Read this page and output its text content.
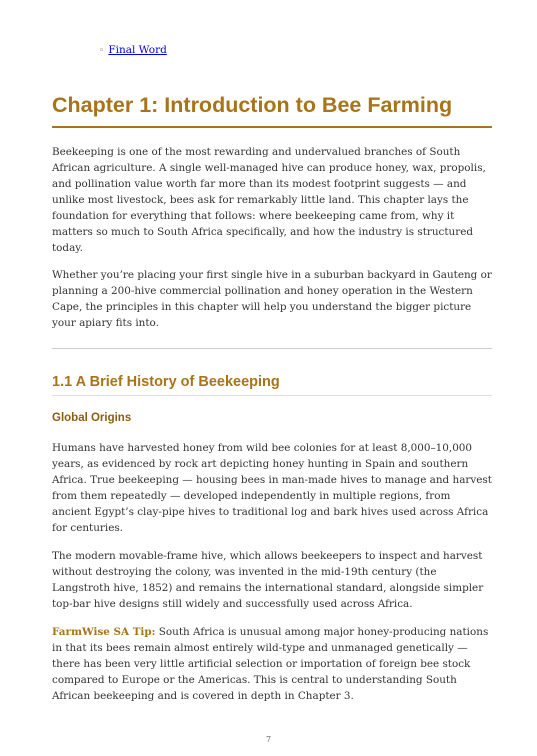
◦ Final Word
Chapter 1: Introduction to Bee Farming

Beekeeping is one of the most rewarding and undervalued branches of South African agriculture. A single well-managed hive can produce honey, wax, propolis, and pollination value worth far more than its modest footprint suggests — and unlike most livestock, bees ask for remarkably little land. This chapter lays the foundation for everything that follows: where beekeeping came from, why it matters so much to South Africa specifically, and how the industry is structured today.

Whether you’re placing your first single hive in a suburban backyard in Gauteng or planning a 200-hive commercial pollination and honey operation in the Western Cape, the principles in this chapter will help you understand the bigger picture your apiary fits into.

1.1 A Brief History of Beekeeping
Global Origins

Humans have harvested honey from wild bee colonies for at least 8,000–10,000 years, as evidenced by rock art depicting honey hunting in Spain and southern Africa. True beekeeping — housing bees in man-made hives to manage and harvest from them repeatedly — developed independently in multiple regions, from ancient Egypt’s clay-pipe hives to traditional log and bark hives used across Africa for centuries.

The modern movable-frame hive, which allows beekeepers to inspect and harvest without destroying the colony, was invented in the mid-19th century (the Langstroth hive, 1852) and remains the international standard, alongside simpler top-bar hive designs still widely and successfully used across Africa.

FarmWise SA Tip: South Africa is unusual among major honey-producing nations in that its bees remain almost entirely wild-type and unmanaged genetically — there has been very little artificial selection or importation of foreign bee stock compared to Europe or the Americas. This is central to understanding South African beekeeping and is covered in depth in Chapter 3.

7
